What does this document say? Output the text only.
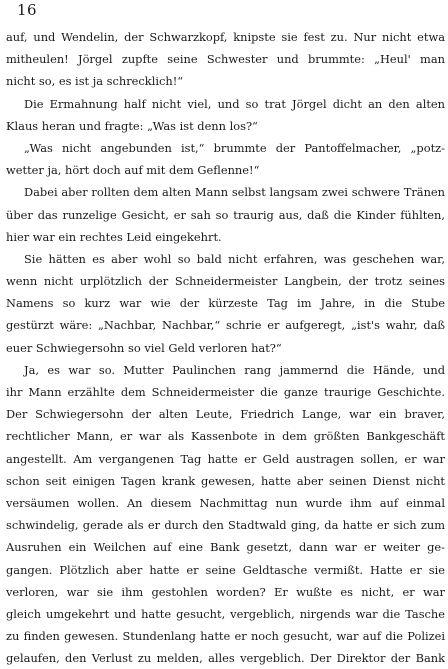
16

auf, und Wendelin, der Schwarzkopf, knipste sie fest zu. Nur nicht etwa
mitheulen! Jörgel zupfte seine Schwester und brummte: „Heul' man
nicht so, es ist ja schrecklich!“

Die Ermahnung half nicht viel, und so trat Jörgel dicht an den alten
Klaus heran und fragte: „Was ist denn los?“

„Was nicht angebunden ist,“ brummte der Pantoffelmacher, „potz-
wetter ja, hört doch auf mit dem Geflenne!“

Dabei aber rollten dem alten Mann selbst langsam zwei schwere Tränen
über das runzelige Gesicht, er sah so traurig aus, daß die Kinder fühlten,
hier war ein rechtes Leid eingekehrt.

Sie hätten es aber wohl so bald nicht erfahren, was geschehen war,
wenn nicht urplötzlich der Schneidermeister Langbein, der trotz seines
Namens so kurz war wie der kürzeste Tag im Jahre, in die Stube
gestürzt wäre: „Nachbar, Nachbar,“ schrie er aufgeregt, „ist's wahr, daß
euer Schwiegersohn so viel Geld verloren hat?“

Ja, es war so. Mutter Paulinchen rang jammernd die Hände, und
ihr Mann erzählte dem Schneidermeister die ganze traurige Geschichte.
Der Schwiegersohn der alten Leute, Friedrich Lange, war ein braver,
rechtlicher Mann, er war als Kassenbote in dem größten Bankgeschäft
angestellt. Am vergangenen Tag hatte er Geld austragen sollen, er war
schon seit einigen Tagen krank gewesen, hatte aber seinen Dienst nicht
versäumen wollen. An diesem Nachmittag nun wurde ihm auf einmal
schwindelig, gerade als er durch den Stadtwald ging, da hatte er sich zum
Ausruhen ein Weilchen auf eine Bank gesetzt, dann war er weiter ge-
gangen. Plötzlich aber hatte er seine Geldtasche vermißt. Hatte er sie
verloren, war sie ihm gestohlen worden? Er wußte es nicht, er war
gleich umgekehrt und hatte gesucht, vergeblich, nirgends war die Tasche
zu finden gewesen. Stundenlang hatte er noch gesucht, war auf die Polizei
gelaufen, den Verlust zu melden, alles vergeblich. Der Direktor der Bank
